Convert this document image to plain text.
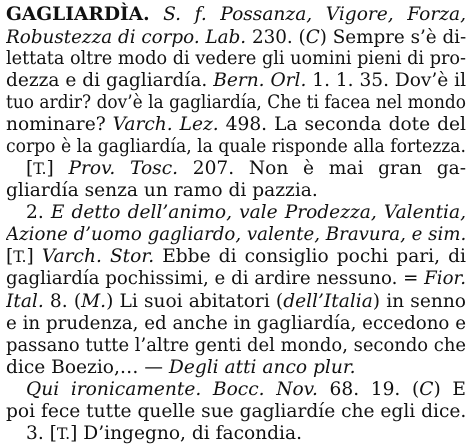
GAGLIARDÌA. S. f. Possanza, Vigore, Forza,
Robustezza di corpo. Lab. 230. (C) Sempre s’è di-
lettata oltre modo di vedere gli uomini pieni di pro-
dezza e di gagliardía. Bern. Orl. 1. 1. 35. Dov’è il
tuo ardir? dov’è la gagliardía, Che ti facea nel mondo
nominare? Varch. Lez. 498. La seconda dote del
corpo è la gagliardía, la quale risponde alla fortezza.
[T.] Prov. Tosc. 207. Non è mai gran ga-
gliardía senza un ramo di pazzia.
2. E detto dell’animo, vale Prodezza, Valentia,
Azione d’uomo gagliardo, valente, Bravura, e sim.
[T.] Varch. Stor. Ebbe di consiglio pochi pari, di
gagliardía pochissimi, e di ardire nessuno. = Fior.
Ital. 8. (M.) Li suoi abitatori (dell’Italia) in senno
e in prudenza, ed anche in gagliardía, eccedono e
passano tutte l’altre genti del mondo, secondo che
dice Boezio,… — Degli atti anco plur.
Qui ironicamente. Bocc. Nov. 68. 19. (C) E
poi fece tutte quelle sue gagliardíe che egli dice.
3. [T.] D’ingegno, di facondia.
